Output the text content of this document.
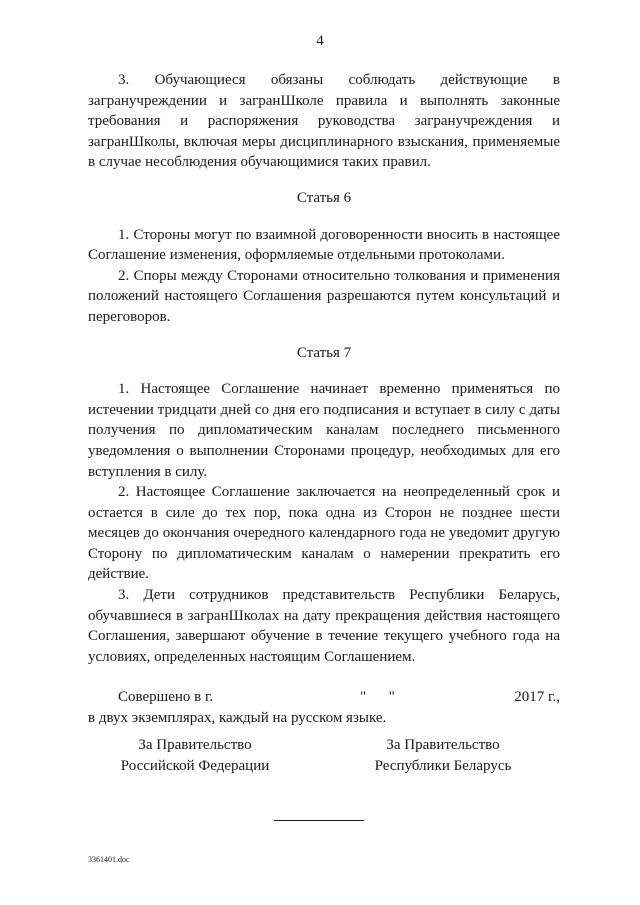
4

3. Обучающиеся обязаны соблюдать действующие в загранучреждении и загранШколе правила и выполнять законные требования и распоряжения руководства загранучреждения и загранШколы, включая меры дисциплинарного взыскания, применяемые в случае несоблюдения обучающимися таких правил.

Статья 6

1. Стороны могут по взаимной договоренности вносить в настоящее Соглашение изменения, оформляемые отдельными протоколами.

2. Споры между Сторонами относительно толкования и применения положений настоящего Соглашения разрешаются путем консультаций и переговоров.

Статья 7

1. Настоящее Соглашение начинает временно применяться по истечении тридцати дней со дня его подписания и вступает в силу с даты получения по дипломатическим каналам последнего письменного уведомления о выполнении Сторонами процедур, необходимых для его вступления в силу.

2. Настоящее Соглашение заключается на неопределенный срок и остается в силе до тех пор, пока одна из Сторон не позднее шести месяцев до окончания очередного календарного года не уведомит другую Сторону по дипломатическим каналам о намерении прекратить его действие.

3. Дети сотрудников представительств Республики Беларусь, обучавшиеся в загранШколах на дату прекращения действия настоящего Соглашения, завершают обучение в течение текущего учебного года на условиях, определенных настоящим Соглашением.

Совершено в г.	"      "	2017 г.,

в двух экземплярах, каждый на русском языке.

За Правительство
Российской Федерации
За Правительство
Республики Беларусь
3361401.doc
